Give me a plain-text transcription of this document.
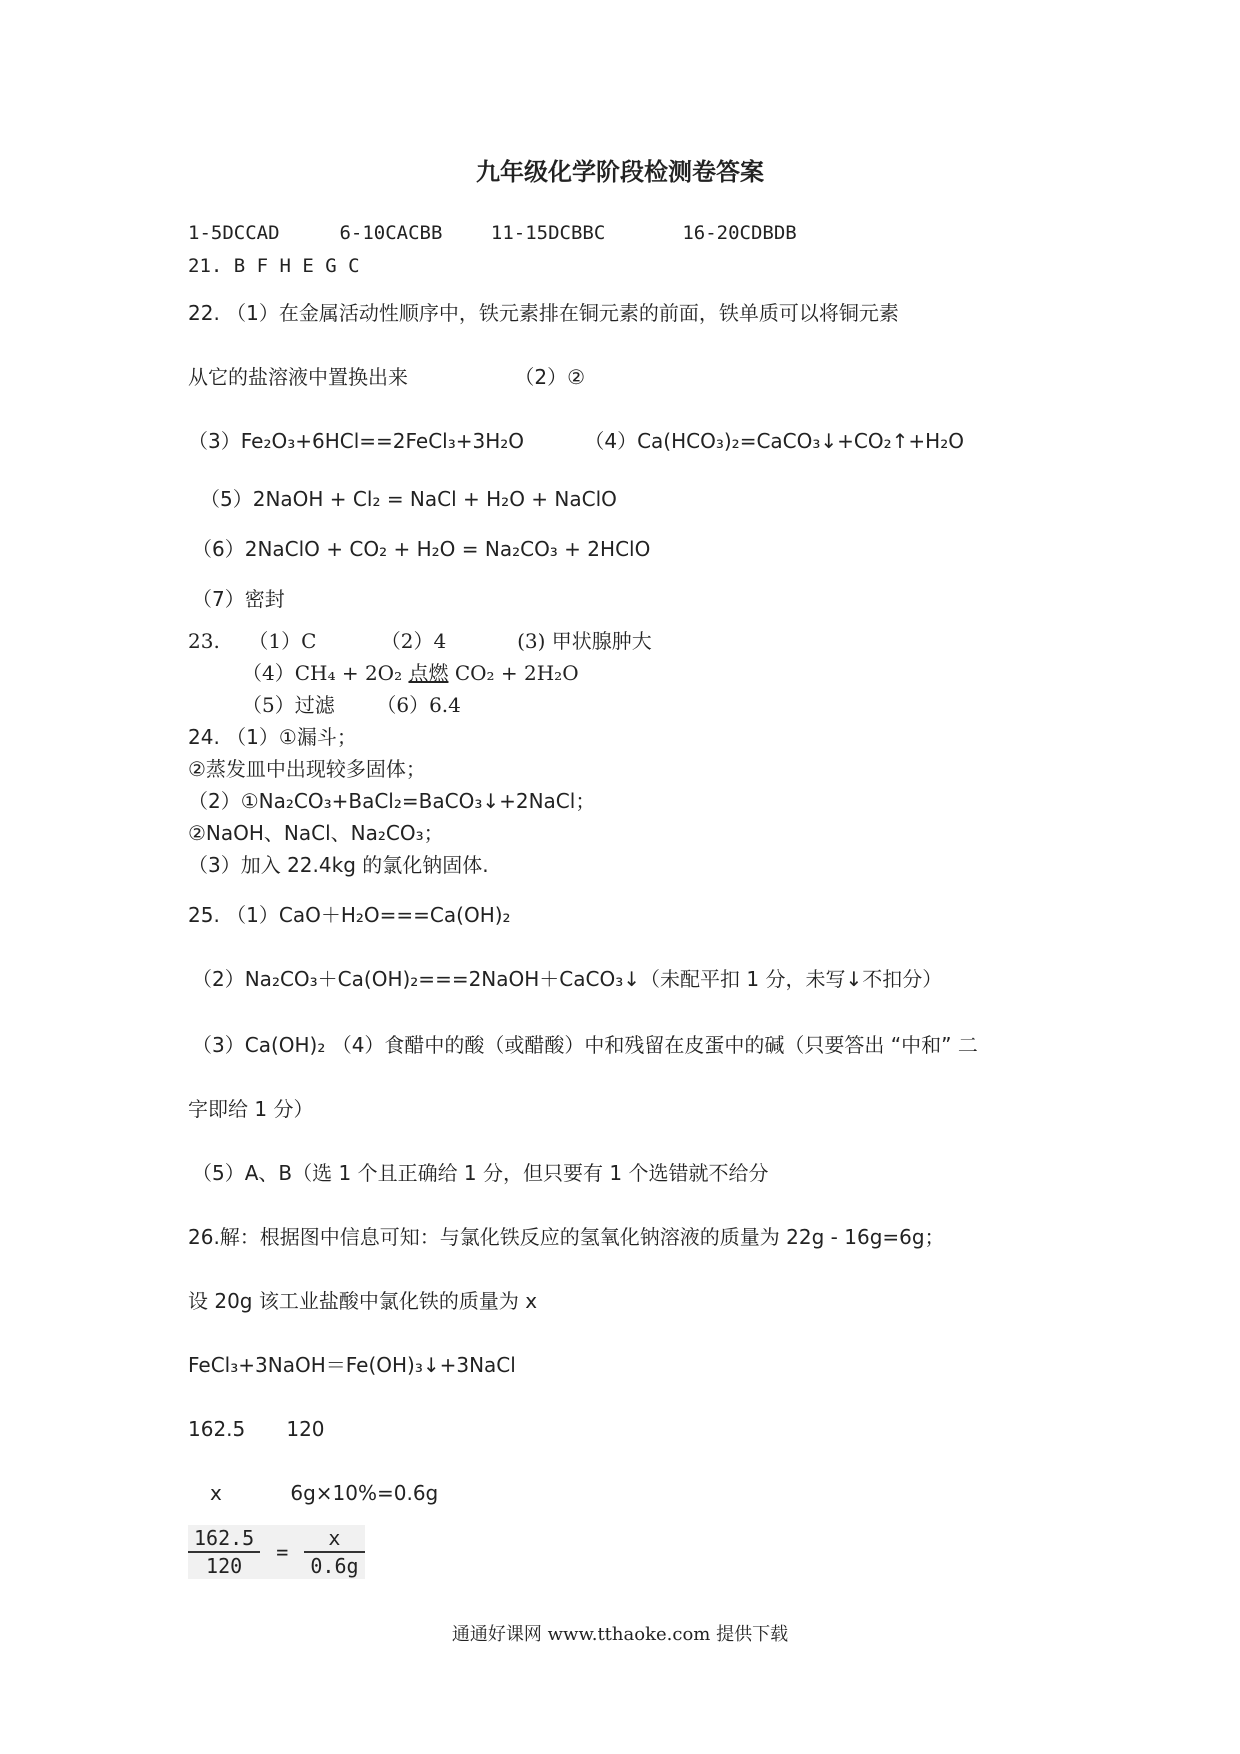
九年级化学阶段检测卷答案
1-5DCCAD	6-10CACBB	11-15DCBBC	16-20CDBDB
21. B F H E G C
22. （1）在金属活动性顺序中，铁元素排在铜元素的前面，铁单质可以将铜元素
从它的盐溶液中置换出来	（2）②
（3）Fe₂O₃+6HCl==2FeCl₃+3H₂O	（4）Ca(HCO₃)₂=CaCO₃↓+CO₂↑+H₂O
（5）2NaOH + Cl₂ = NaCl + H₂O + NaClO
（6）2NaClO + CO₂ + H₂O = Na₂CO₃ + 2HClO
（7）密封
23. （1）C	（2）4	(3) 甲状腺肿大
（4）CH₄ + 2O₂ 点燃 CO₂ + 2H₂O
（5）过滤 （6）6.4
24. （1）①漏斗；
②蒸发皿中出现较多固体；
（2）①Na₂CO₃+BaCl₂=BaCO₃↓+2NaCl；
②NaOH、NaCl、Na₂CO₃；
（3）加入 22.4kg 的氯化钠固体.
25. （1）CaO＋H₂O===Ca(OH)₂
（2）Na₂CO₃＋Ca(OH)₂===2NaOH＋CaCO₃↓（未配平扣 1 分，未写↓不扣分）
（3）Ca(OH)₂ （4）食醋中的酸（或醋酸）中和残留在皮蛋中的碱（只要答出 “中和” 二
字即给 1 分）
（5）A、B（选 1 个且正确给 1 分，但只要有 1 个选错就不给分
26.解：根据图中信息可知：与氯化铁反应的氢氧化钠溶液的质量为 22g - 16g=6g；
设 20g 该工业盐酸中氯化铁的质量为 x
FeCl₃+3NaOH＝Fe(OH)₃↓+3NaCl
162.5 120
x	6g×10%=0.6g
$\frac{162.5}{120} = \frac{x}{0.6g}$
通通好课网 www.tthaoke.com 提供下载
